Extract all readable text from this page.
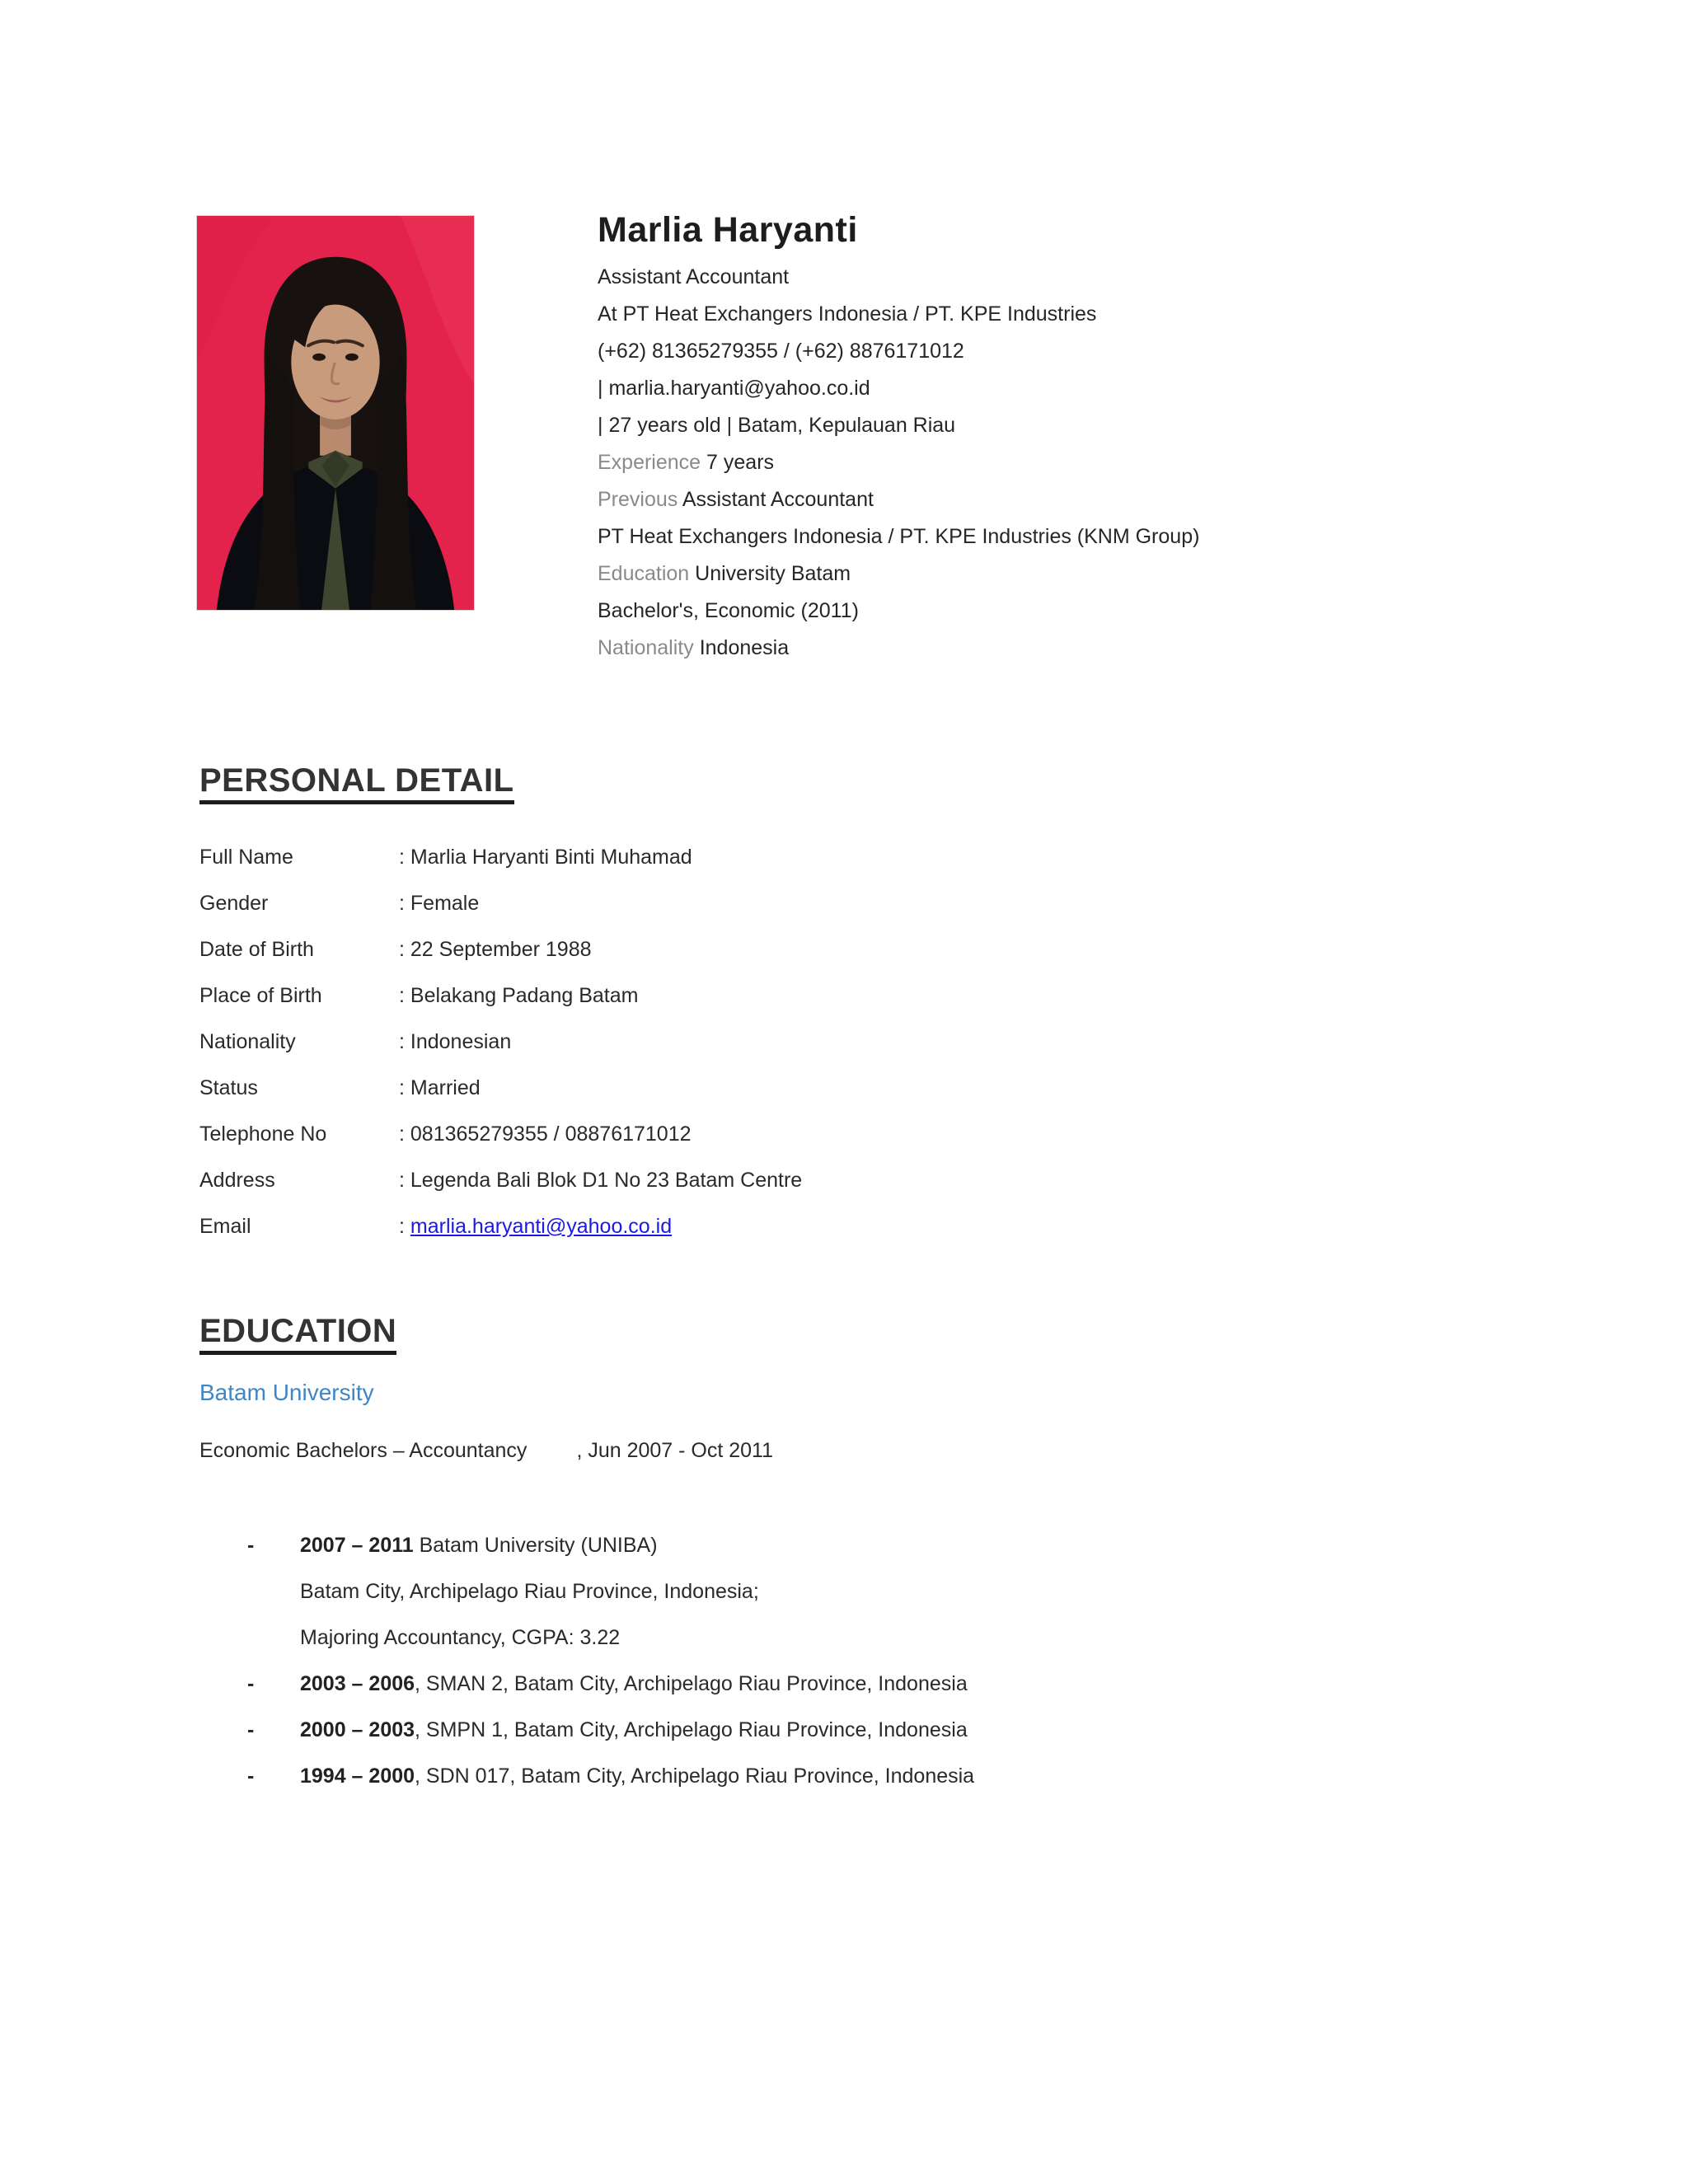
Marlia Haryanti
Assistant Accountant
At PT Heat Exchangers Indonesia / PT. KPE Industries
(+62) 81365279355 / (+62) 8876171012
| marlia.haryanti@yahoo.co.id
| 27 years old | Batam, Kepulauan Riau
Experience 7 years
Previous Assistant Accountant
PT Heat Exchangers Indonesia / PT. KPE Industries (KNM Group)
Education University Batam
Bachelor's, Economic (2011)
Nationality Indonesia
PERSONAL DETAIL
Full Name	: Marlia Haryanti Binti Muhamad
Gender	: Female
Date of Birth	: 22 September 1988
Place of Birth	: Belakang Padang Batam
Nationality	: Indonesian
Status	: Married
Telephone No	: 081365279355 / 08876171012
Address	: Legenda Bali Blok D1 No 23 Batam Centre
Email	: marlia.haryanti@yahoo.co.id
EDUCATION
Batam University
Economic Bachelors – Accountancy , Jun 2007 - Oct 2011
-	2007 – 2011 Batam University (UNIBA)
Batam City, Archipelago Riau Province, Indonesia;
Majoring Accountancy, CGPA: 3.22
-	2003 – 2006, SMAN 2, Batam City, Archipelago Riau Province, Indonesia
-	2000 – 2003, SMPN 1, Batam City, Archipelago Riau Province, Indonesia
-	1994 – 2000, SDN 017, Batam City, Archipelago Riau Province, Indonesia
